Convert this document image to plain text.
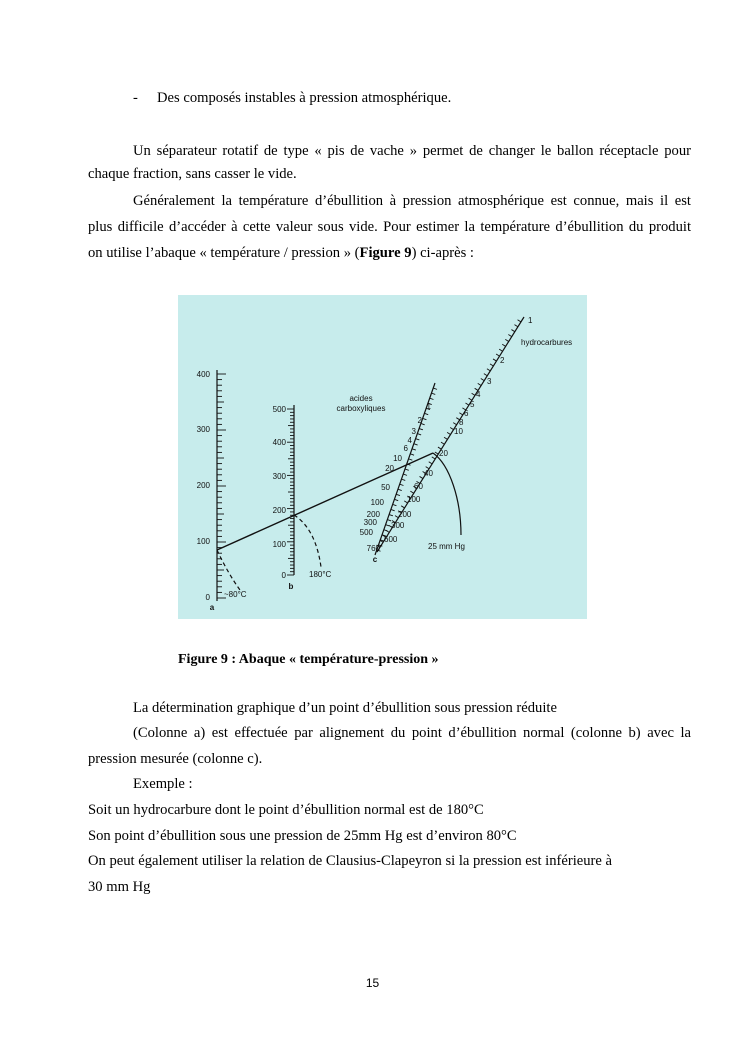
- Des composés instables à pression atmosphérique.
Un séparateur rotatif de type « pis de vache » permet de changer le ballon réceptacle pour
chaque fraction, sans casser le vide.
Généralement la température d’ébullition à pression atmosphérique est connue, mais il est
plus difficile d’accéder à cette valeur sous vide. Pour estimer la température d’ébullition du produit
on utilise l’abaque « température / pression » (Figure 9) ci-après :
400
300
200
100
0
a
500
400
300
200
100
0
b
acides
carboxyliques
hydrocarbures
1
2
3
4
6
10
20
50
100
200
300
500
760
c
1
2
3
4
5
6
8
10
20
40
60
100
200
300
600
~80°C
180°C
25 mm Hg
Figure 9 : Abaque « température-pression »
La détermination graphique d’un point d’ébullition sous pression réduite
(Colonne a) est effectuée par alignement du point d’ébullition normal (colonne b) avec la
pression mesurée (colonne c).
Exemple :
Soit un hydrocarbure dont le point d’ébullition normal est de 180°C
Son point d’ébullition sous une pression de 25mm Hg est d’environ 80°C
On peut également utiliser la relation de Clausius-Clapeyron si la pression est inférieure à
30 mm Hg
15
